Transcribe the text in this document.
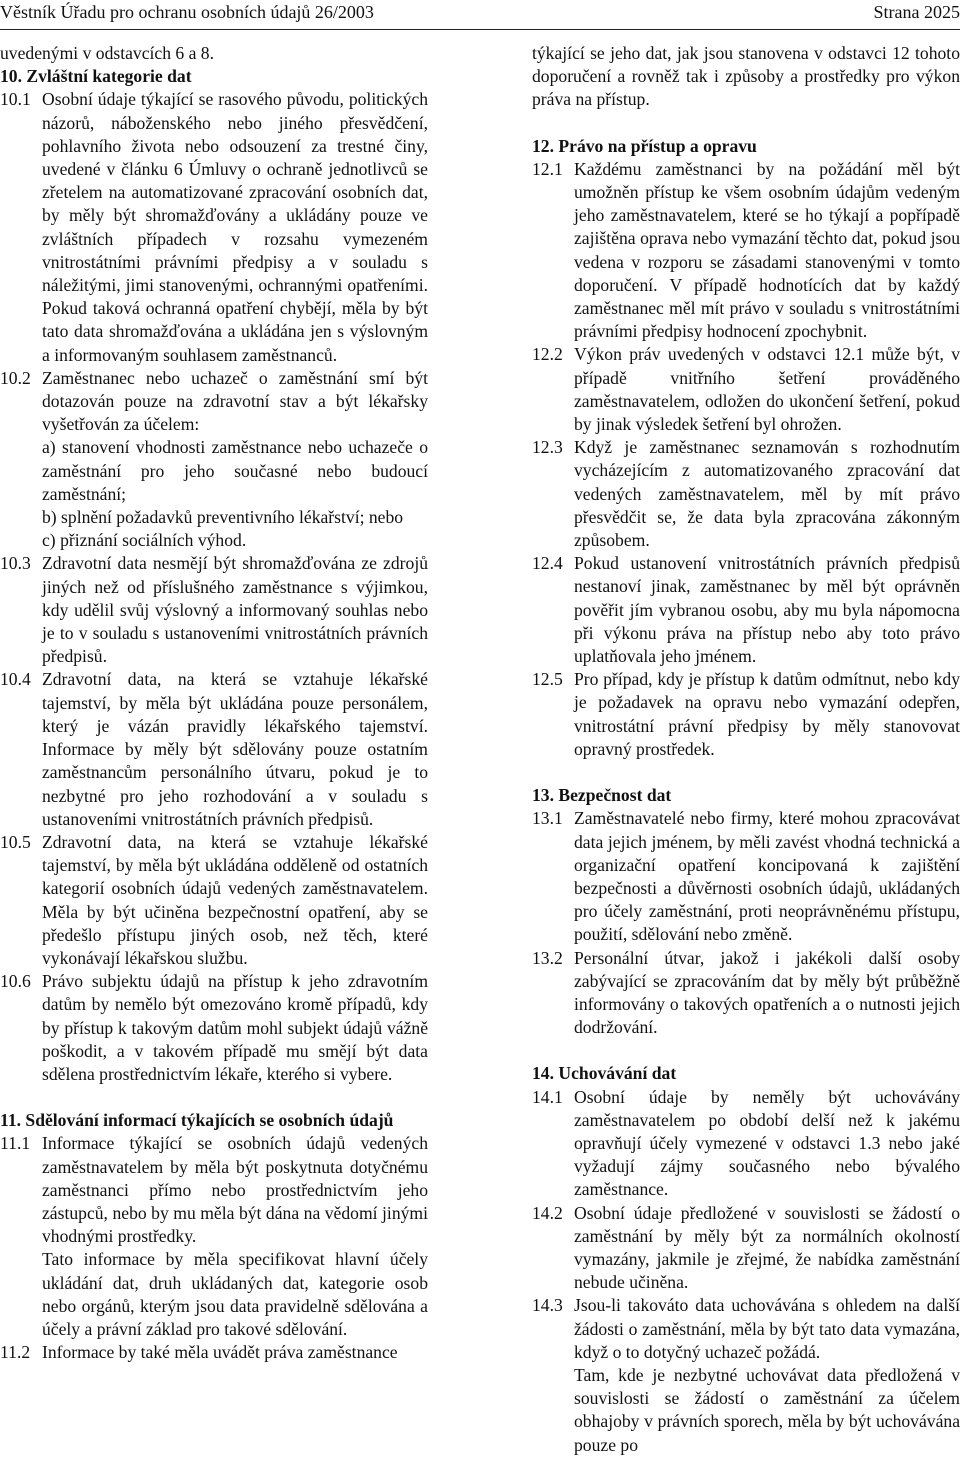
Věstník Úřadu pro ochranu osobních údajů 26/2003	Strana 2025

uvedenými v odstavcích 6 a 8.

10. Zvláštní kategorie dat

10.1 Osobní údaje týkající se rasového původu, politických názorů, náboženského nebo jiného přesvědčení, pohlavního života nebo odsouzení za trestné činy, uvedené v článku 6 Úmluvy o ochraně jednotlivců se zřetelem na automatizované zpracování osobních dat, by měly být shromažďovány a ukládány pouze ve zvláštních případech v rozsahu vymezeném vnitrostátními právními předpisy a v souladu s náležitými, jimi stanovenými, ochrannými opatřeními. Pokud taková ochranná opatření chybějí, měla by být tato data shromažďována a ukládána jen s výslovným a informovaným souhlasem zaměstnanců.
10.2 Zaměstnanec nebo uchazeč o zaměstnání smí být dotazován pouze na zdravotní stav a být lékařsky vyšetřován za účelem:

a) stanovení vhodnosti zaměstnance nebo uchazeče o zaměstnání pro jeho současné nebo budoucí zaměstnání;

b) splnění požadavků preventivního lékařství; nebo

c) přiznání sociálních výhod.

10.3 Zdravotní data nesmějí být shromažďována ze zdrojů jiných než od příslušného zaměstnance s výjimkou, kdy udělil svůj výslovný a informovaný souhlas nebo je to v souladu s ustanoveními vnitrostátních právních předpisů.
10.4 Zdravotní data, na která se vztahuje lékařské tajemství, by měla být ukládána pouze personálem, který je vázán pravidly lékařského tajemství. Informace by měly být sdělovány pouze ostatním zaměstnancům personálního útvaru, pokud je to nezbytné pro jeho rozhodování a v souladu s ustanoveními vnitrostátních právních předpisů.
10.5 Zdravotní data, na která se vztahuje lékařské tajemství, by měla být ukládána odděleně od ostatních kategorií osobních údajů vedených zaměstnavatelem. Měla by být učiněna bezpečnostní opatření, aby se předešlo přístupu jiných osob, než těch, které vykonávají lékařskou službu.
10.6 Právo subjektu údajů na přístup k jeho zdravotním datům by nemělo být omezováno kromě případů, kdy by přístup k takovým datům mohl subjekt údajů vážně poškodit, a v takovém případě mu smějí být data sdělena prostřednictvím lékaře, kterého si vybere.

11. Sdělování informací týkajících se osobních údajů

11.1 Informace týkající se osobních údajů vedených zaměstnavatelem by měla být poskytnuta dotyčnému zaměstnanci přímo nebo prostřednictvím jeho zástupců, nebo by mu měla být dána na vědomí jinými vhodnými prostředky.

Tato informace by měla specifikovat hlavní účely ukládání dat, druh ukládaných dat, kategorie osob nebo orgánů, kterým jsou data pravidelně sdělována a účely a právní základ pro takové sdělování.

11.2 Informace by také měla uvádět práva zaměstnance

týkající se jeho dat, jak jsou stanovena v odstavci 12 tohoto doporučení a rovněž tak i způsoby a prostředky pro výkon práva na přístup.

12. Právo na přístup a opravu

12.1 Každému zaměstnanci by na požádání měl být umožněn přístup ke všem osobním údajům vedeným jeho zaměstnavatelem, které se ho týkají a popřípadě zajištěna oprava nebo vymazání těchto dat, pokud jsou vedena v rozporu se zásadami stanovenými v tomto doporučení. V případě hodnotících dat by každý zaměstnanec měl mít právo v souladu s vnitrostátními právními předpisy hodnocení zpochybnit.
12.2 Výkon práv uvedených v odstavci 12.1 může být, v případě vnitřního šetření prováděného zaměstnavatelem, odložen do ukončení šetření, pokud by jinak výsledek šetření byl ohrožen.
12.3 Když je zaměstnanec seznamován s rozhodnutím vycházejícím z automatizovaného zpracování dat vedených zaměstnavatelem, měl by mít právo přesvědčit se, že data byla zpracována zákonným způsobem.
12.4 Pokud ustanovení vnitrostátních právních předpisů nestanoví jinak, zaměstnanec by měl být oprávněn pověřit jím vybranou osobu, aby mu byla nápomocna při výkonu práva na přístup nebo aby toto právo uplatňovala jeho jménem.
12.5 Pro případ, kdy je přístup k datům odmítnut, nebo kdy je požadavek na opravu nebo vymazání odepřen, vnitrostátní právní předpisy by měly stanovovat opravný prostředek.

13. Bezpečnost dat

13.1 Zaměstnavatelé nebo firmy, které mohou zpracovávat data jejich jménem, by měli zavést vhodná technická a organizační opatření koncipovaná k zajištění bezpečnosti a důvěrnosti osobních údajů, ukládaných pro účely zaměstnání, proti neoprávněnému přístupu, použití, sdělování nebo změně.
13.2 Personální útvar, jakož i jakékoli další osoby zabývající se zpracováním dat by měly být průběžně informovány o takových opatřeních a o nutnosti jejich dodržování.

14. Uchovávání dat

14.1 Osobní údaje by neměly být uchovávány zaměstnavatelem po období delší než k jakému opravňují účely vymezené v odstavci 1.3 nebo jaké vyžadují zájmy současného nebo bývalého zaměstnance.
14.2 Osobní údaje předložené v souvislosti se žádostí o zaměstnání by měly být za normálních okolností vymazány, jakmile je zřejmé, že nabídka zaměstnání nebude učiněna.
14.3 Jsou-li takováto data uchovávána s ohledem na další žádosti o zaměstnání, měla by být tato data vymazána, když o to dotyčný uchazeč požádá.

Tam, kde je nezbytné uchovávat data předložená v souvislosti se žádostí o zaměstnání za účelem obhajoby v právních sporech, měla by být uchovávána pouze po
